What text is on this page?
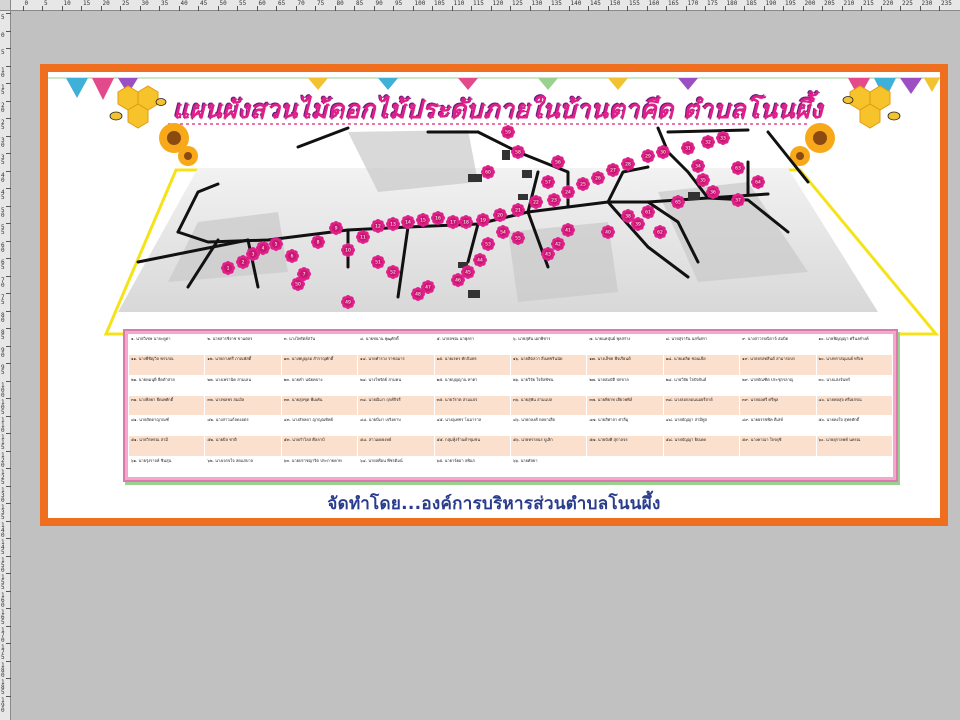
0	5	10 15 20 25 30 35 40 45 50 55 60 65 70 75 80 85 90 95 100 105 110 115 120 125 130 135 140 145 150 155 160 165 170 175 180 185 190 195 200 205 210 215 220 225 230 235
5
0
5
10
15
20
25
30
35
40
45
50
55
60
65
70
75
80
85
90
95
100
105
110
115
120
125
130
135
140
145
150
155
160
165
170
175
180
185
190
1
2
3
4
5
6
7
8
9
10
11
12 13 14 15 16
17 18	19
20
21
22	23
24
25
26
27
28
29
30
31
32
33
34
35
36
37
38
39
40
41
42
43
44
45
46
47
48
49
50
51
52
53
54
55
56
57
58
59
60
61
62
63
64
65
แผนผังสวนไม้ดอกไม้ประดับภายในบ้านตาคีด ตำบลโนนผึ้ง
๑. นายวิเชษ นาจะดูดา	๒. นายสารชิงาช ขาแตลร	๓. นางไพรัตย์สวัน	๔. นายชนาน พุฒุศักดิ์	๕. นายลชณ นาพุลรา	๖. นายสุทัน เอกพิชาร	๗. นายแคปุ่นผ์ พุลสร่าง	๘. นายสุรารัน นสร์เศรา	๙. นางสาวรจณิกาจ์ สมบิด	๑๐. นายพิญญญา ศรีนงคำงค์
๑๑. นางพีชิญวิล พรรภณ	๑๒. นายถางศรี ภาณพัสดิ์	๑๓. นางพบูญลอ สำราญศักดิ์	๑๔. นายคำรวง ราชอมาร	๑๕. นายเรคร ศักภิมพร	๑๖. นายสิตลวา สิ่งเพชรินนัด	๑๗. นางเล็ชย พีจเรียนต์	๑๘. นายเดลิด ชอนเบีย	๑๙. นายจรลทสินต์ สามารถบร	๒๐. นางทราสมุมนย์ ทริเพ
๒๑. นายหมนุษี ยืดตำสาย	๒๒. นางเพรานิค สามเลน	๒๓. นายคำ นฉัยคบาง	๒๔. นางไพรัตย์ สามคน	๒๕. นายบุญญาน ทาตา	๒๖. นายวิจัย ใจจิลพัชน	๒๗. นายสมบัติ ปกขาล	๒๘. นายวิจัย ใจปัจจันฮ์	๒๙. นายบัณฑิต ประชุกรลาญ	๓๐. นางแสงจันทร์
๓๑. นางพิลยา ยืดเพศักดิ์	๓๒. นางพลพร สมเงิล	๓๓. นายสุลชุด พีเผคัน	๓๔. นายณิเงา ฤกศ์กิจรี	๓๕. นายวัราต สามแปร	๓๖. นายสุพัน สามแปล	๓๗. นายพิธาท เยืยวพพิล์	๓๘. นางลอกลอนนอยรีลาย์	๓๙. นายบ่อศรี ศรีพุล	๔๐. นายพลสุจ ศรีเยสรณ
๔๑. นายสัดดาญาณฑ์	๔๒. นางสาวแก้ลดงอตร	๔๓. นางสัลลดา ญาญณทิพย์	๔๔. นายบีเงา เจริงคาบ	๔๕. นางอุเพชร โฉมาราล	๔๖. นายกลงศ์ หลยาเสีย	๔๗. นายสิศาลา ศาลีมุ	๔๘. นายบัญญา สามีพูล	๔๙. นายยรรชพิค ดีเล่ห์	๕๐. นายคงใจ สุทธศักดิ์
๕๑. นายวิรพรณ สามี	๕๒. นายบิล ชาติ	๕๓. นายกำไลส ศีลลาป์	๕๔. สาวเผดยงหย์	๕๕. กลุ่มหุ้งร้านค้าชุมชน	๕๖. นายทรายนร บูเลิก	๕๗. นายบังศิ สุกาลจร	๕๘. นายบัญญา ยิปเดค	๕๙. นางคาณา ใจรดุชิ	๖๐. นายยุราลพท์ นครณ
๖๑. นายรุ่งราจห์ ซินสุน	๖๒. นางเจรจใจ สดแสบาล	๖๓. นายปราชญาริต ประกายคาท	๖๔. นายลคือน พีซรดิมน์	๖๕. นายาจ์ยอา ลพิแก	๖๖. นายศัลยา				
จัดทำโดย...องค์การบริหารส่วนตำบลโนนผึ้ง
